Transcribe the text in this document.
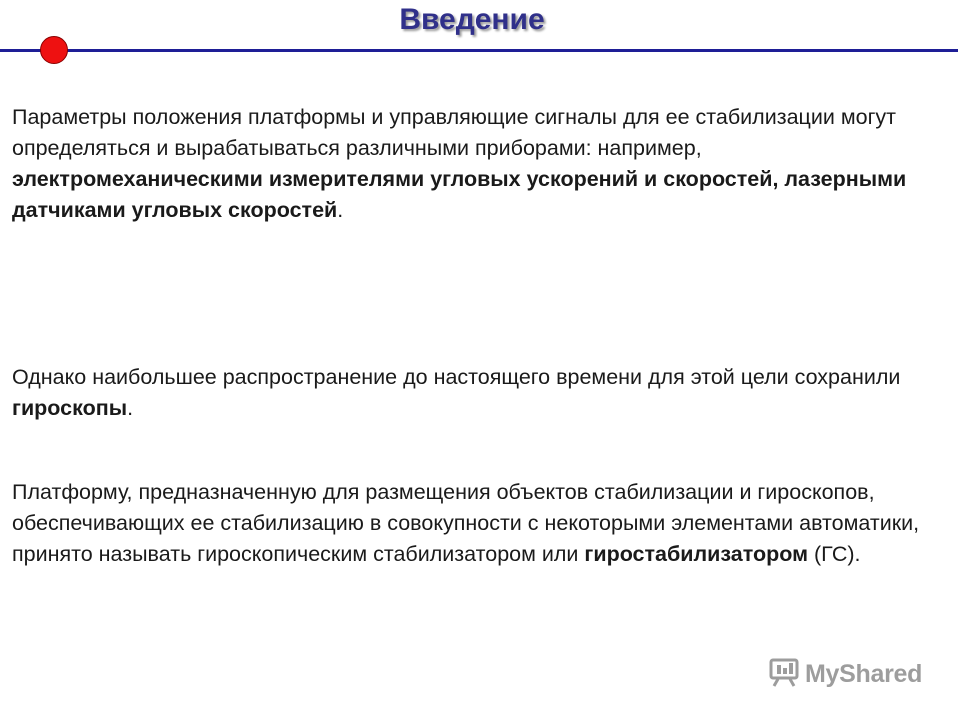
Введение

Параметры положения платформы и управляющие сигналы для ее стабилизации могут определяться и вырабатываться различными приборами: например, электромеханическими измерителями угловых ускорений и скоростей, лазерными датчиками угловых скоростей.

Однако наибольшее распространение до настоящего времени для этой цели сохранили гироскопы.

Платформу, предназначенную для размещения объектов стабилизации и гироскопов, обеспечивающих ее стабилизацию в совокупности с некоторыми элементами автоматики, принято называть гироскопическим стабилизатором или гиростабилизатором (ГС).

MyShared
